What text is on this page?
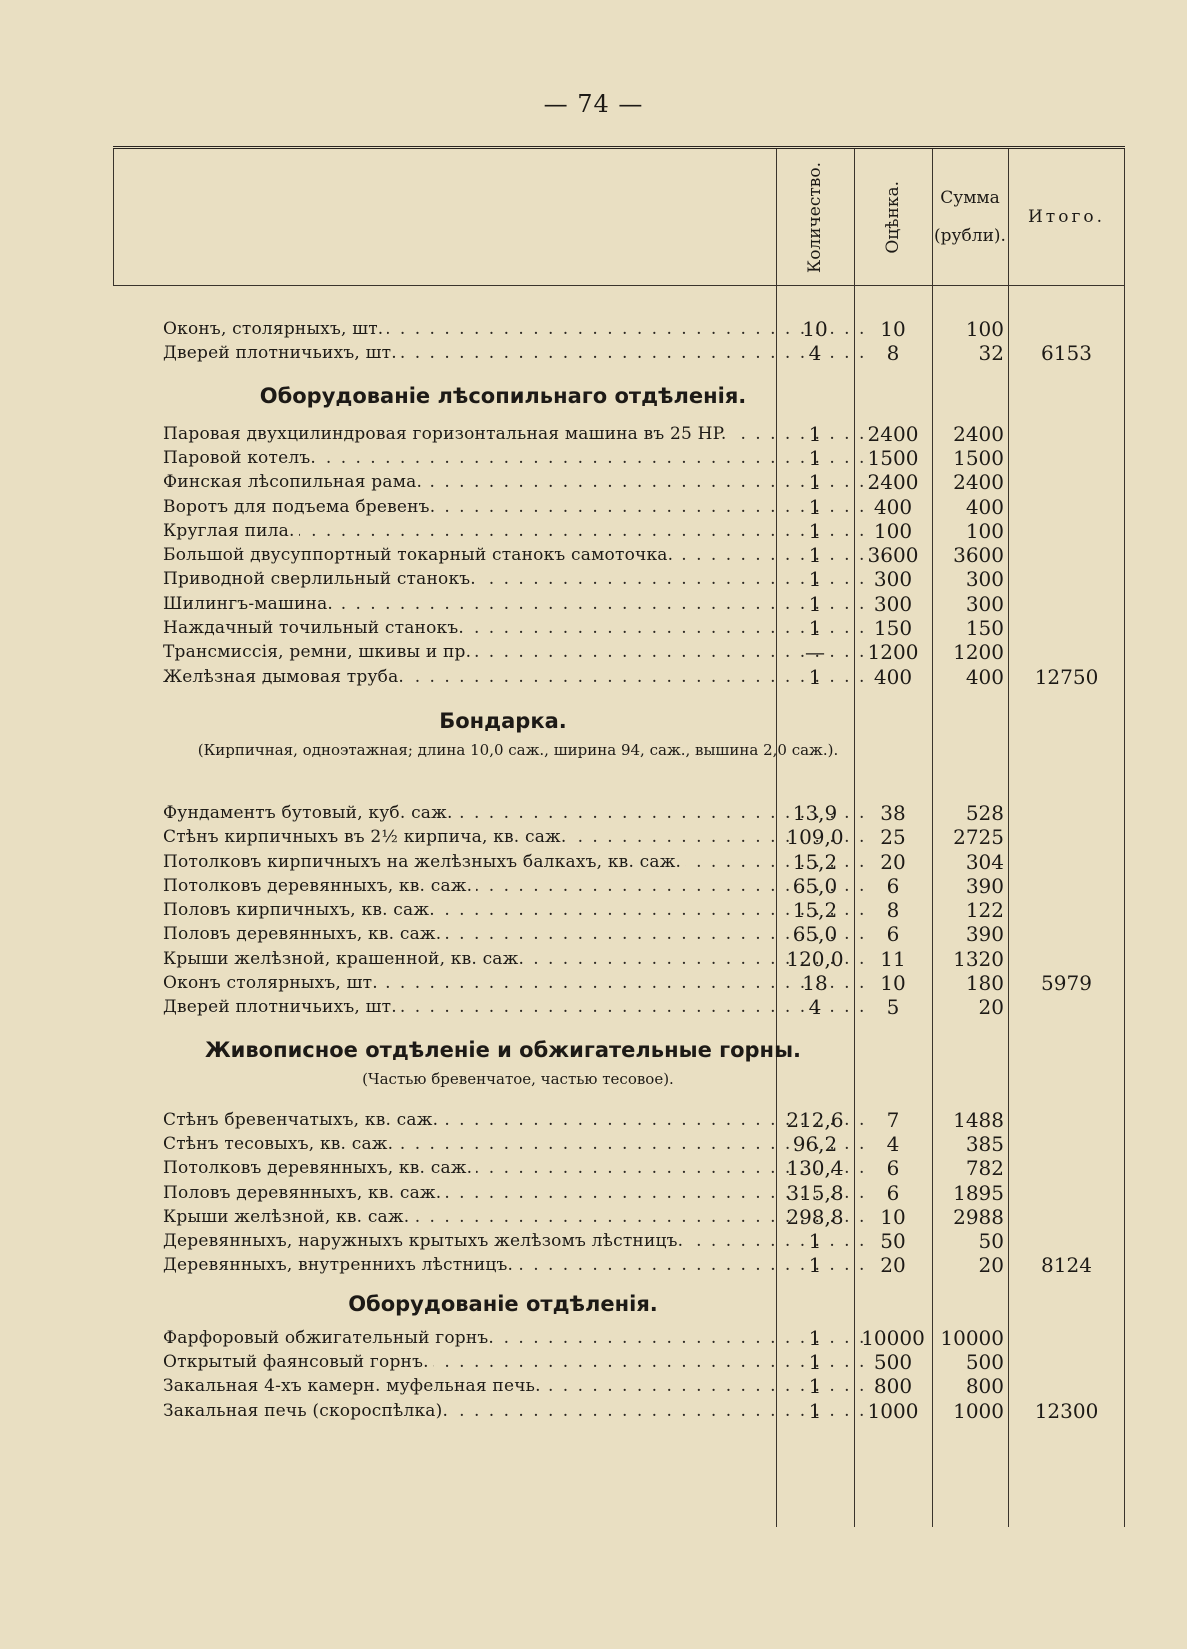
— 74 —
Количество.	Оцѣнка. Сумма
(рубли).
Итого.
Оконъ, столярныхъ, шт. . . .	10	10	100
Дверей плотничьихъ, шт. . . .	4	8	32	6153
Оборудованіе лѣсопильнаго отдѣленія.
Паровая двухцилиндровая горизонтальная машина въ 25 HP. . . .	1	2400	2400
Паровой котелъ. . . .	1	1500	1500
Финская лѣсопильная рама. . . .	1	2400	2400
Воротъ для подъема бревенъ. . . .	1	400	400
Круглая пила. . . .	1	100	100
Большой двусуппортный токарный станокъ самоточка. . . .	1	3600	3600
Приводной сверлильный станокъ. . . .	1	300	300
Шилингъ-машина. . . .	1	300	300
Наждачный точильный станокъ. . . .	1	150	150
Трансмиссія, ремни, шкивы и пр. . . .	—	1200	1200
Желѣзная дымовая труба. . . .	1	400	400	12750
Бондарка.
(Кирпичная, одноэтажная; длина 10,0 саж., ширина 94, саж., вышина 2,0 саж.).
Фундаментъ бутовый, куб. саж. . . .	13,9	38	528
Стѣнъ кирпичныхъ въ 2½ кирпича, кв. саж. . . .	109,0	25	2725
Потолковъ кирпичныхъ на желѣзныхъ балкахъ, кв. саж. . . .	15,2	20	304
Потолковъ деревянныхъ, кв. саж. . . .	65,0	6	390
Половъ кирпичныхъ, кв. саж. . . .	15,2	8	122
Половъ деревянныхъ, кв. саж. . . .	65,0	6	390
Крыши желѣзной, крашенной, кв. саж. . . .	120,0	11	1320
Оконъ столярныхъ, шт. . . .	18	10	180	5979
Дверей плотничьихъ, шт. . . .	4	5	20
Живописное отдѣленіе и обжигательные горны.
(Частью бревенчатое, частью тесовое).
Стѣнъ бревенчатыхъ, кв. саж. . . .	212,6	7	1488
Стѣнъ тесовыхъ, кв. саж. . . .	96,2	4	385
Потолковъ деревянныхъ, кв. саж. . . .	130,4	6	782
Половъ деревянныхъ, кв. саж. . . .	315,8	6	1895
Крыши желѣзной, кв. саж. . . .	298,8	10	2988
Деревянныхъ, наружныхъ крытыхъ желѣзомъ лѣстницъ. . . .	1	50	50
Деревянныхъ, внутреннихъ лѣстницъ. . . .	1	20	20	8124
Оборудованіе отдѣленія.
Фарфоровый обжигательный горнъ. . . .	1	10000 10000
Открытый фаянсовый горнъ. . . .	1	500	500
Закальная 4-хъ камерн. муфельная печь. . . .	1	800	800
Закальная печь (скороспѣлка). . . .	1	1000	1000	12300
